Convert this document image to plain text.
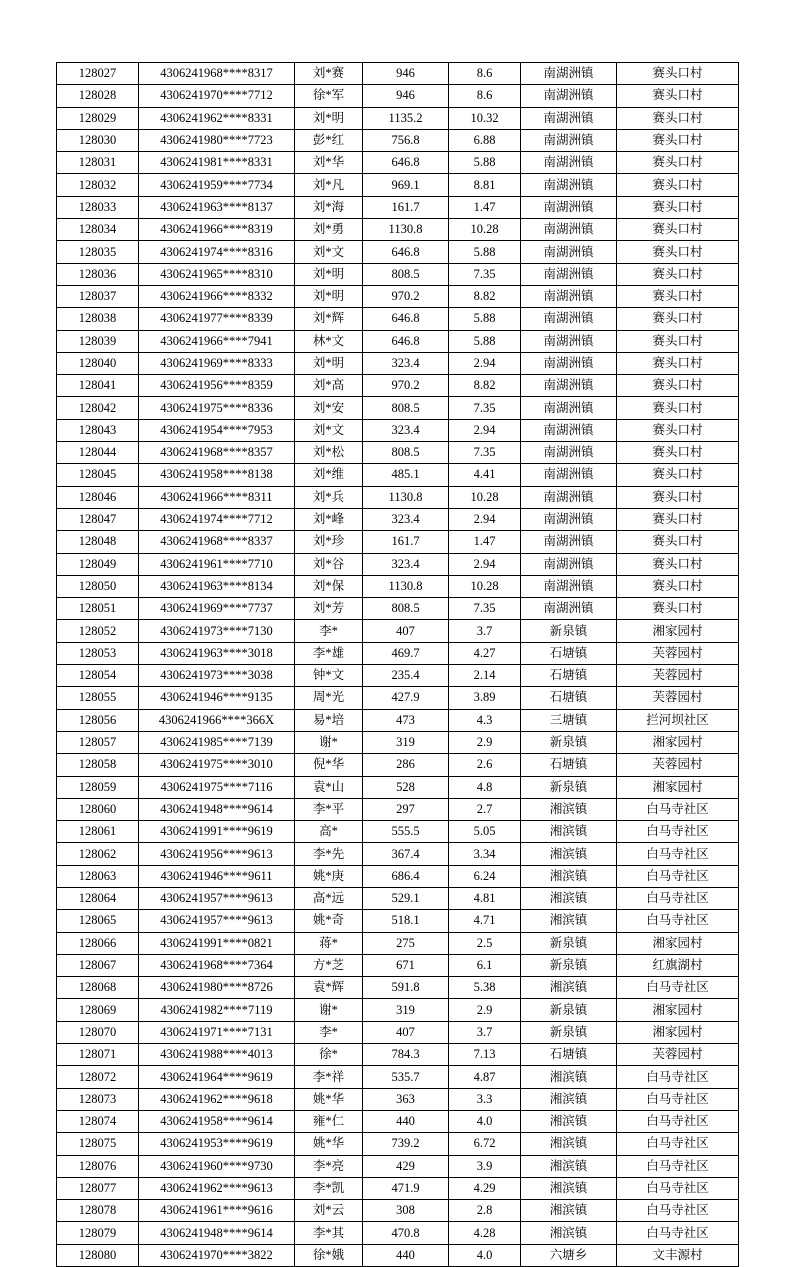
128027	4306241968****8317	刘*赛	946	8.6	南湖洲镇	赛头口村
128028	4306241970****7712	徐*军	946	8.6	南湖洲镇	赛头口村
128029	4306241962****8331	刘*明	1135.2	10.32	南湖洲镇	赛头口村
128030	4306241980****7723	彭*红	756.8	6.88	南湖洲镇	赛头口村
128031	4306241981****8331	刘*华	646.8	5.88	南湖洲镇	赛头口村
128032	4306241959****7734	刘*凡	969.1	8.81	南湖洲镇	赛头口村
128033	4306241963****8137	刘*海	161.7	1.47	南湖洲镇	赛头口村
128034	4306241966****8319	刘*勇	1130.8	10.28	南湖洲镇	赛头口村
128035	4306241974****8316	刘*文	646.8	5.88	南湖洲镇	赛头口村
128036	4306241965****8310	刘*明	808.5	7.35	南湖洲镇	赛头口村
128037	4306241966****8332	刘*明	970.2	8.82	南湖洲镇	赛头口村
128038	4306241977****8339	刘*辉	646.8	5.88	南湖洲镇	赛头口村
128039	4306241966****7941	林*文	646.8	5.88	南湖洲镇	赛头口村
128040	4306241969****8333	刘*明	323.4	2.94	南湖洲镇	赛头口村
128041	4306241956****8359	刘*高	970.2	8.82	南湖洲镇	赛头口村
128042	4306241975****8336	刘*安	808.5	7.35	南湖洲镇	赛头口村
128043	4306241954****7953	刘*文	323.4	2.94	南湖洲镇	赛头口村
128044	4306241968****8357	刘*松	808.5	7.35	南湖洲镇	赛头口村
128045	4306241958****8138	刘*维	485.1	4.41	南湖洲镇	赛头口村
128046	4306241966****8311	刘*兵	1130.8	10.28	南湖洲镇	赛头口村
128047	4306241974****7712	刘*峰	323.4	2.94	南湖洲镇	赛头口村
128048	4306241968****8337	刘*珍	161.7	1.47	南湖洲镇	赛头口村
128049	4306241961****7710	刘*谷	323.4	2.94	南湖洲镇	赛头口村
128050	4306241963****8134	刘*保	1130.8	10.28	南湖洲镇	赛头口村
128051	4306241969****7737	刘*芳	808.5	7.35	南湖洲镇	赛头口村
128052	4306241973****7130	李*	407	3.7	新泉镇	湘家园村
128053	4306241963****3018	李*雄	469.7	4.27	石塘镇	芙蓉园村
128054	4306241973****3038	钟*文	235.4	2.14	石塘镇	芙蓉园村
128055	4306241946****9135	周*光	427.9	3.89	石塘镇	芙蓉园村
128056	4306241966****366X	易*培	473	4.3	三塘镇	拦河坝社区
128057	4306241985****7139	谢*	319	2.9	新泉镇	湘家园村
128058	4306241975****3010	倪*华	286	2.6	石塘镇	芙蓉园村
128059	4306241975****7116	袁*山	528	4.8	新泉镇	湘家园村
128060	4306241948****9614	李*平	297	2.7	湘滨镇	白马寺社区
128061	4306241991****9619	高*	555.5	5.05	湘滨镇	白马寺社区
128062	4306241956****9613	李*先	367.4	3.34	湘滨镇	白马寺社区
128063	4306241946****9611	姚*庚	686.4	6.24	湘滨镇	白马寺社区
128064	4306241957****9613	高*远	529.1	4.81	湘滨镇	白马寺社区
128065	4306241957****9613	姚*奇	518.1	4.71	湘滨镇	白马寺社区
128066	4306241991****0821	蒋*	275	2.5	新泉镇	湘家园村
128067	4306241968****7364	方*芝	671	6.1	新泉镇	红旗湖村
128068	4306241980****8726	袁*辉	591.8	5.38	湘滨镇	白马寺社区
128069	4306241982****7119	谢*	319	2.9	新泉镇	湘家园村
128070	4306241971****7131	李*	407	3.7	新泉镇	湘家园村
128071	4306241988****4013	徐*	784.3	7.13	石塘镇	芙蓉园村
128072	4306241964****9619	李*祥	535.7	4.87	湘滨镇	白马寺社区
128073	4306241962****9618	姚*华	363	3.3	湘滨镇	白马寺社区
128074	4306241958****9614	雍*仁	440	4.0	湘滨镇	白马寺社区
128075	4306241953****9619	姚*华	739.2	6.72	湘滨镇	白马寺社区
128076	4306241960****9730	李*亮	429	3.9	湘滨镇	白马寺社区
128077	4306241962****9613	李*凯	471.9	4.29	湘滨镇	白马寺社区
128078	4306241961****9616	刘*云	308	2.8	湘滨镇	白马寺社区
128079	4306241948****9614	李*其	470.8	4.28	湘滨镇	白马寺社区
128080	4306241970****3822	徐*娥	440	4.0	六塘乡	文丰源村
